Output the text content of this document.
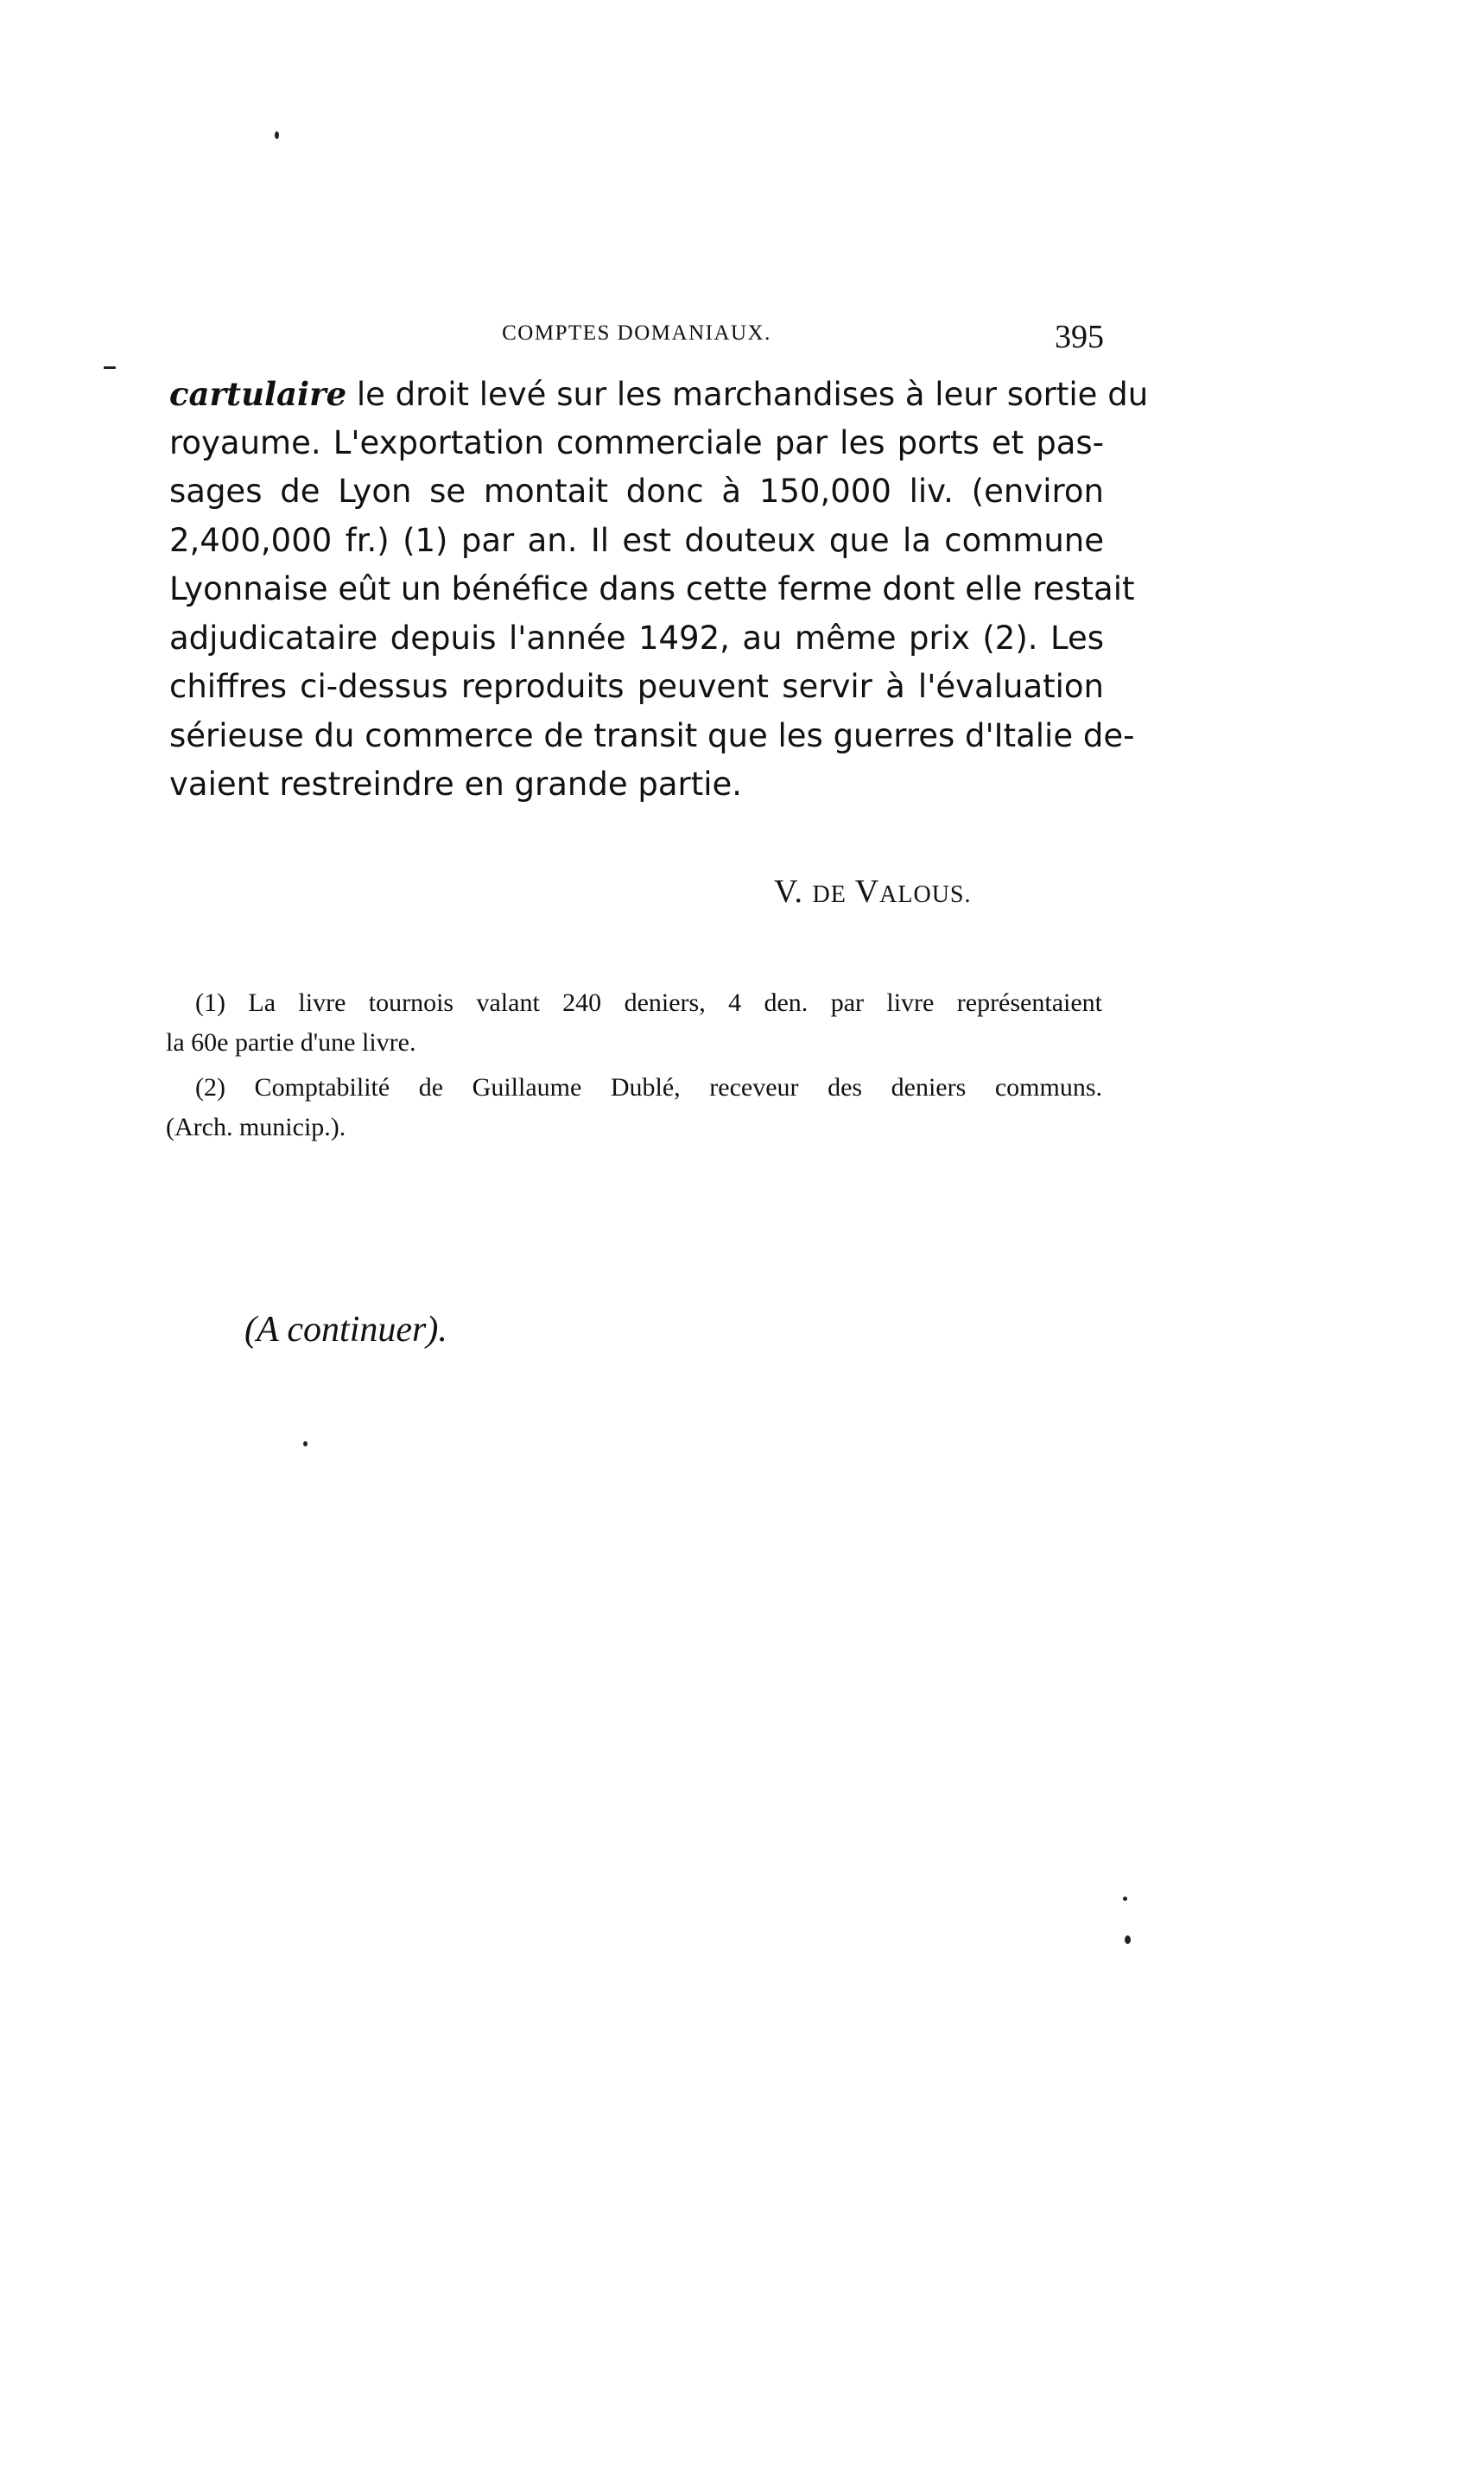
COMPTES DOMANIAUX.	395
cartulaire le droit levé sur les marchandises à leur sortie du
royaume. L'exportation commerciale par les ports et pas-
sages de Lyon se montait donc à 150,000 liv. (environ
2,400,000 fr.) (1) par an. Il est douteux que la commune
Lyonnaise eût un bénéfice dans cette ferme dont elle restait
adjudicataire depuis l'année 1492, au même prix (2). Les
chiffres ci-dessus reproduits peuvent servir à l'évaluation
sérieuse du commerce de transit que les guerres d'Italie de-
vaient restreindre en grande partie.
V. DE VALOUS.
(1) La livre tournois valant 240 deniers, 4 den. par livre représentaient
la 60e partie d'une livre.
(2) Comptabilité de Guillaume Dublé, receveur des deniers communs.
(Arch. municip.).
(A continuer).
